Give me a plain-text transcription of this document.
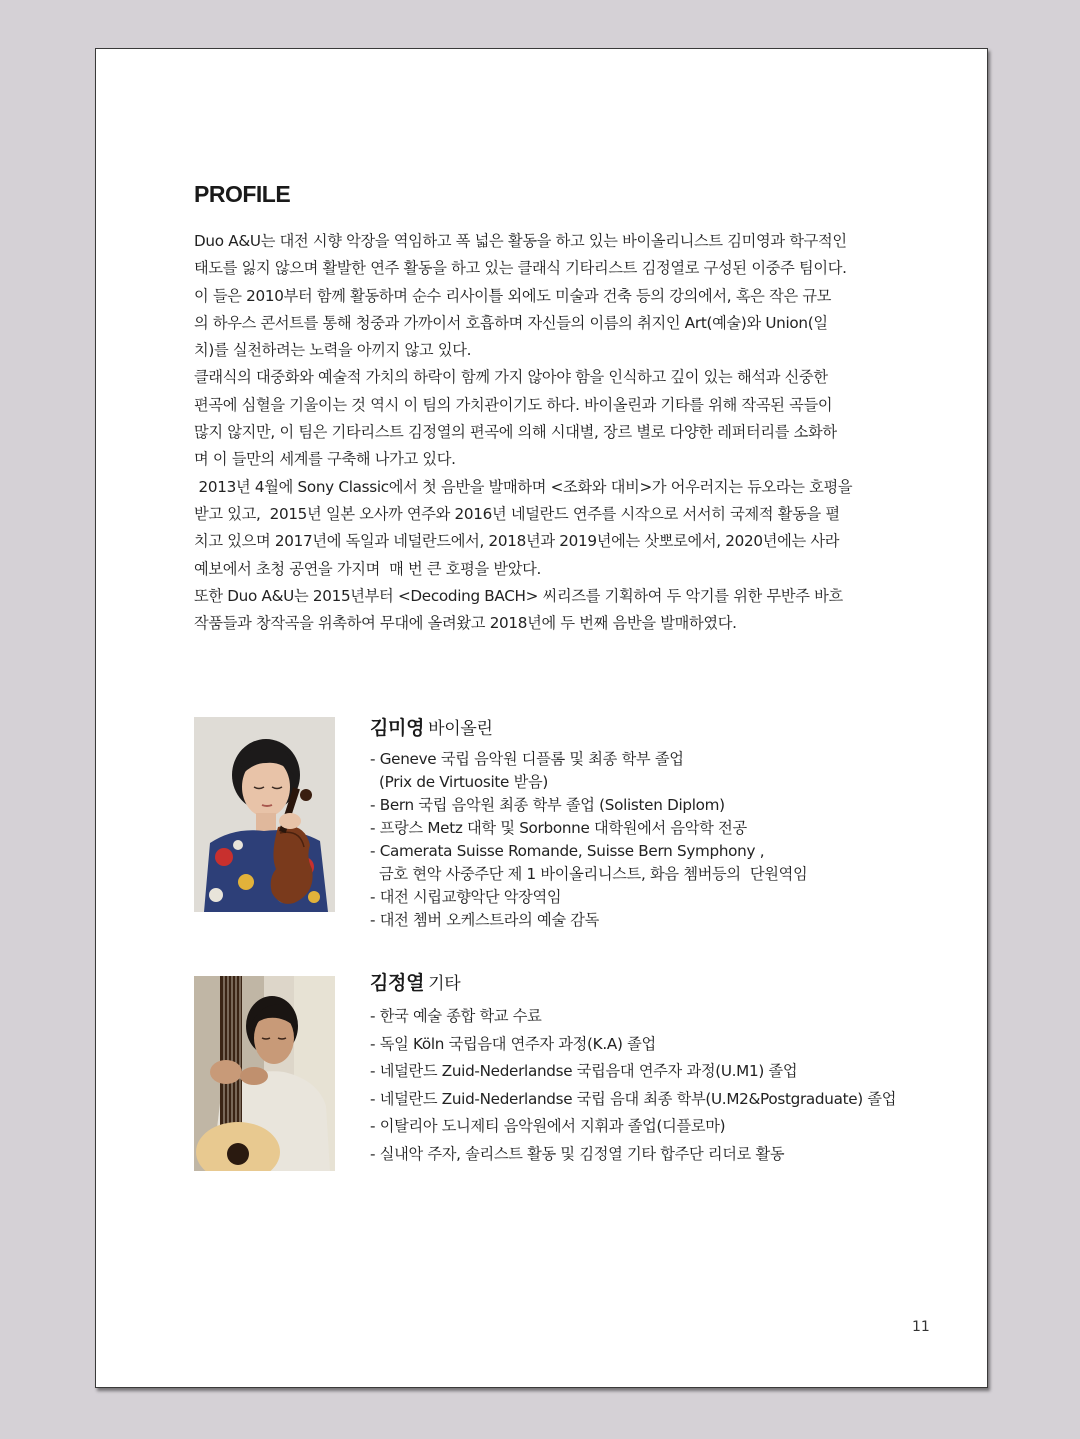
PROFILE

Duo A&U는 대전 시향 악장을 역임하고 폭 넓은 활동을 하고 있는 바이올리니스트 김미영과 학구적인

태도를 잃지 않으며 활발한 연주 활동을 하고 있는 클래식 기타리스트 김정열로 구성된 이중주 팀이다.

이 들은 2010부터 함께 활동하며 순수 리사이틀 외에도 미술과 건축 등의 강의에서, 혹은 작은 규모

의 하우스 콘서트를 통해 청중과 가까이서 호흡하며 자신들의 이름의 취지인 Art(예술)와 Union(일

치)를 실천하려는 노력을 아끼지 않고 있다.

클래식의 대중화와 예술적 가치의 하락이 함께 가지 않아야 함을 인식하고 깊이 있는 해석과 신중한

편곡에 심혈을 기울이는 것 역시 이 팀의 가치관이기도 하다. 바이올린과 기타를 위해 작곡된 곡들이

많지 않지만, 이 팀은 기타리스트 김정열의 편곡에 의해 시대별, 장르 별로 다양한 레퍼터리를 소화하

며 이 들만의 세계를 구축해 나가고 있다.

2013년 4월에 Sony Classic에서 첫 음반을 발매하며 <조화와 대비>가 어우러지는 듀오라는 호평을

받고 있고,  2015년 일본 오사까 연주와 2016년 네덜란드 연주를 시작으로 서서히 국제적 활동을 펼

치고 있으며 2017년에 독일과 네덜란드에서, 2018년과 2019년에는 삿뽀로에서, 2020년에는 사라

예보에서 초청 공연을 가지며  매 번 큰 호평을 받았다.

또한 Duo A&U는 2015년부터 <Decoding BACH> 씨리즈를 기획하여 두 악기를 위한 무반주 바흐

작품들과 창작곡을 위촉하여 무대에 올려왔고 2018년에 두 번째 음반을 발매하였다.

김미영 바이올린
- Geneve 국립 음악원 디플롬 및 최종 학부 졸업
(Prix de Virtuosite 받음)
- Bern 국립 음악원 최종 학부 졸업 (Solisten Diplom)
- 프랑스 Metz 대학 및 Sorbonne 대학원에서 음악학 전공
- Camerata Suisse Romande, Suisse Bern Symphony ,
금호 현악 사중주단 제 1 바이올리니스트, 화음 쳄버등의  단원역임
- 대전 시립교향악단 악장역임
- 대전 쳄버 오케스트라의 예술 감독
김정열 기타
- 한국 예술 종합 학교 수료
- 독일 Köln 국립음대 연주자 과정(K.A) 졸업
- 네덜란드 Zuid-Nederlandse 국립음대 연주자 과정(U.M1) 졸업
- 네덜란드 Zuid-Nederlandse 국립 음대 최종 학부(U.M2&Postgraduate) 졸업
- 이탈리아 도니제티 음악원에서 지휘과 졸업(디플로마)
- 실내악 주자, 솔리스트 활동 및 김정열 기타 합주단 리더로 활동
11
